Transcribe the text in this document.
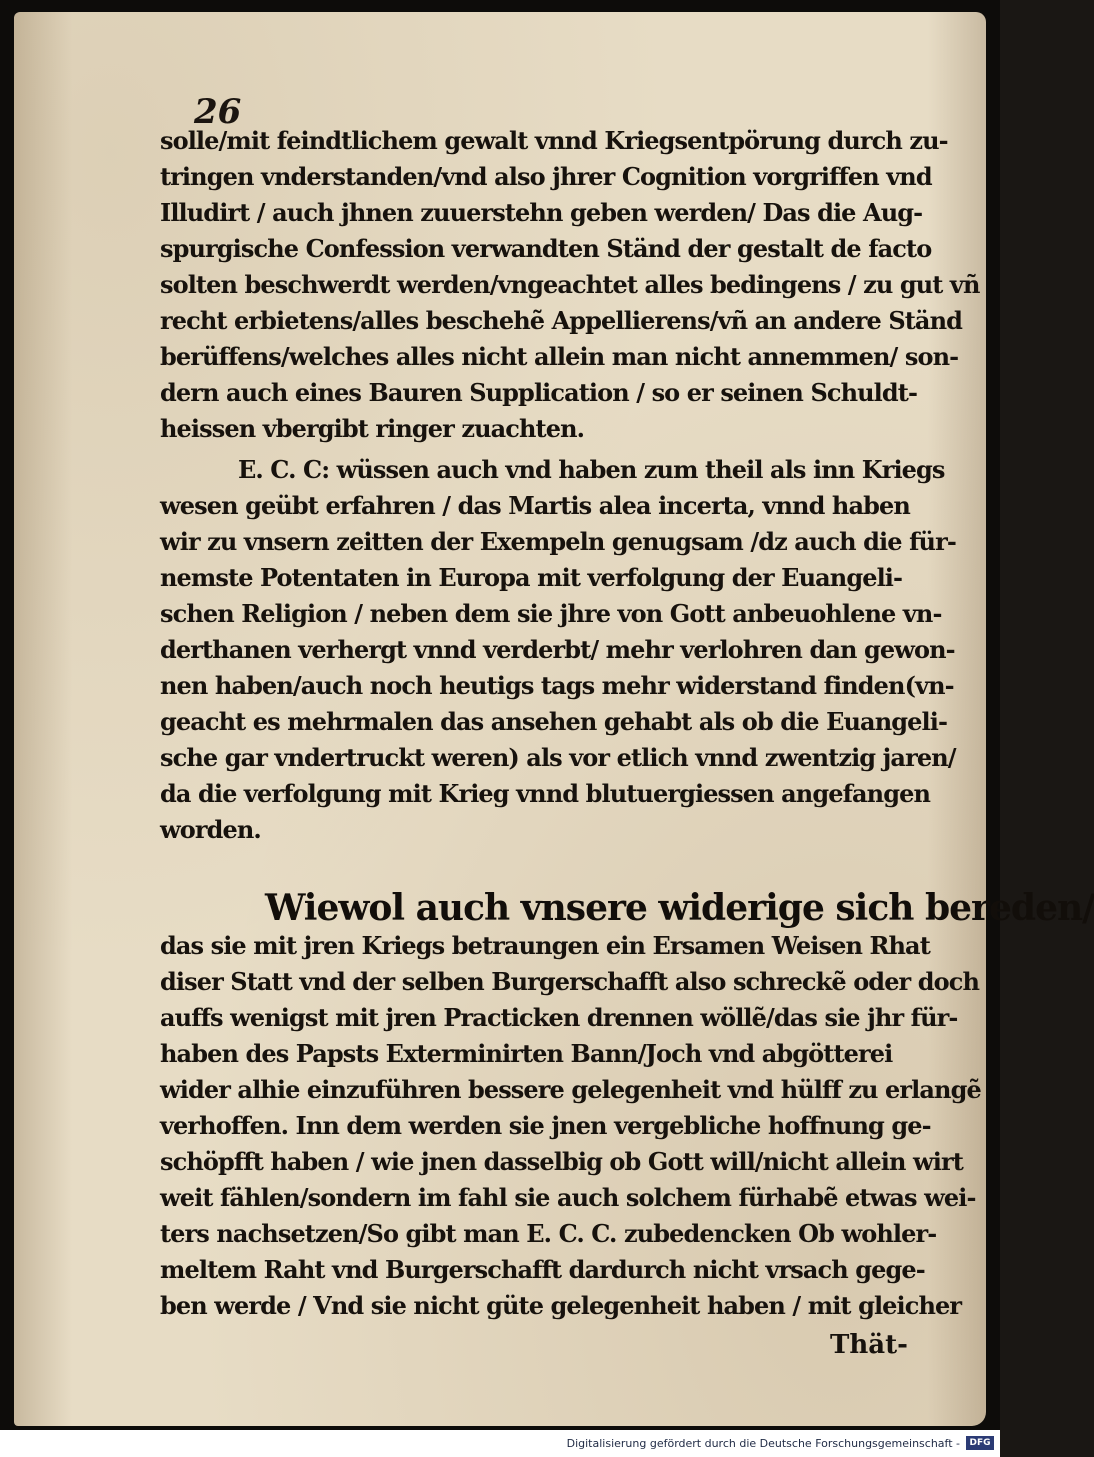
26
solle/mit feindtlichem gewalt vnnd Kriegsentpörung durch zu-
tringen vnderstanden/vnd also jhrer Cognition vorgriffen vnd
Illudirt / auch jhnen zuuerstehn geben werden/ Das die Aug-
spurgische Confession verwandten Ständ der gestalt de facto
solten beschwerdt werden/vngeachtet alles bedingens / zu gut vñ
recht erbietens/alles beschehẽ Appellierens/vñ an andere Ständ
berüffens/welches alles nicht allein man nicht annemmen/ son-
dern auch eines Bauren Supplication / so er seinen Schuldt-
heissen vbergibt ringer zuachten.
E. C. C: wüssen auch vnd haben zum theil als inn Kriegs
wesen geübt erfahren / das Martis alea incerta, vnnd haben
wir zu vnsern zeitten der Exempeln genugsam /dz auch die für-
nemste Potentaten in Europa mit verfolgung der Euangeli-
schen Religion / neben dem sie jhre von Gott anbeuohlene vn-
derthanen verhergt vnnd verderbt/ mehr verlohren dan gewon-
nen haben/auch noch heutigs tags mehr widerstand finden(vn-
geacht es mehrmalen das ansehen gehabt als ob die Euangeli-
sche gar vndertruckt weren) als vor etlich vnnd zwentzig jaren/
da die verfolgung mit Krieg vnnd blutuergiessen angefangen
worden.
Wiewol auch vnsere widerige sich bereden/
das sie mit jren Kriegs betraungen ein Ersamen Weisen Rhat
diser Statt vnd der selben Burgerschafft also schreckẽ oder doch
auffs wenigst mit jren Practicken drennen wöllẽ/das sie jhr für-
haben des Papsts Exterminirten Bann/Joch vnd abgötterei
wider alhie einzuführen bessere gelegenheit vnd hülff zu erlangẽ
verhoffen. Inn dem werden sie jnen vergebliche hoffnung ge-
schöpfft haben / wie jnen dasselbig ob Gott will/nicht allein wirt
weit fählen/sondern im fahl sie auch solchem fürhabẽ etwas wei-
ters nachsetzen/So gibt man E. C. C. zubedencken Ob wohler-
meltem Raht vnd Burgerschafft dardurch nicht vrsach gege-
ben werde / Vnd sie nicht güte gelegenheit haben / mit gleicher
Thät-
Digitalisierung gefördert durch die Deutsche Forschungsgemeinschaft -	DFG
